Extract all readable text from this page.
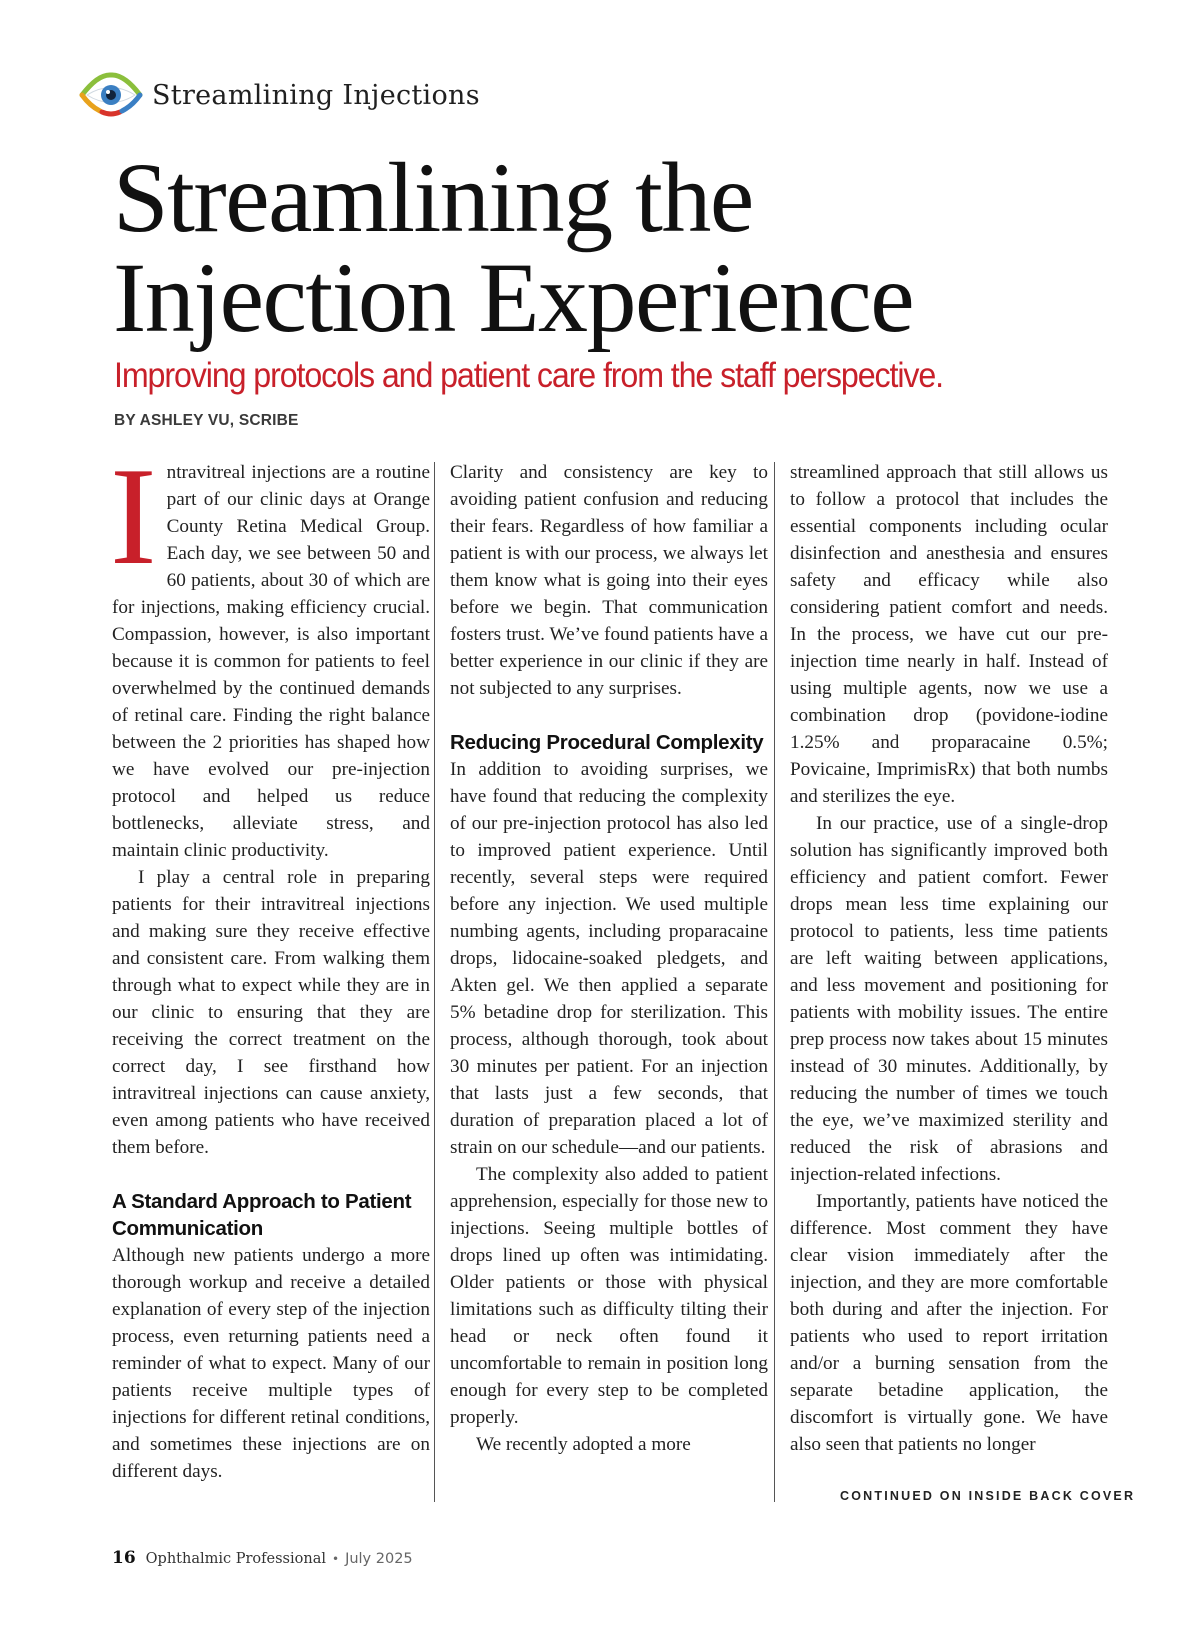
Streamlining Injections
Streamlining the
Injection Experience

Improving protocols and patient care from the staff perspective.

BY ASHLEY VU, SCRIBE

Intravitreal injections are a routine part of our clinic days at Orange County Retina Medical Group. Each day, we see between 50 and 60 patients, about 30 of which are for injections, making efficiency crucial. Compassion, however, is also important because it is common for patients to feel overwhelmed by the continued demands of retinal care. Finding the right balance between the 2 priorities has shaped how we have evolved our pre-injection protocol and helped us reduce bottlenecks, alleviate stress, and maintain clinic productivity.

I play a central role in preparing patients for their intravitreal injections and making sure they receive effective and consistent care. From walking them through what to expect while they are in our clinic to ensuring that they are receiving the correct treatment on the correct day, I see firsthand how intravitreal injections can cause anxiety, even among patients who have received them before.

A Standard Approach to Patient Communication

Although new patients undergo a more thorough workup and receive a detailed explanation of every step of the injection process, even returning patients need a reminder of what to expect. Many of our patients receive multiple types of injections for different retinal conditions, and sometimes these injections are on different days.

Clarity and consistency are key to avoiding patient confusion and reducing their fears. Regardless of how familiar a patient is with our process, we always let them know what is going into their eyes before we begin. That communication fosters trust. We’ve found patients have a better experience in our clinic if they are not subjected to any surprises.

Reducing Procedural Complexity

In addition to avoiding surprises, we have found that reducing the complexity of our pre-injection protocol has also led to improved patient experience. Until recently, several steps were required before any injection. We used multiple numbing agents, including proparacaine drops, lidocaine-soaked pledgets, and Akten gel. We then applied a separate 5% betadine drop for sterilization. This process, although thorough, took about 30 minutes per patient. For an injection that lasts just a few seconds, that duration of preparation placed a lot of strain on our schedule—and our patients.

The complexity also added to patient apprehension, especially for those new to injections. Seeing multiple bottles of drops lined up often was intimidating. Older patients or those with physical limitations such as difficulty tilting their head or neck often found it uncomfortable to remain in position long enough for every step to be completed properly.

We recently adopted a more

streamlined approach that still allows us to follow a protocol that includes the essential components including ocular disinfection and anesthesia and ensures safety and efficacy while also considering patient comfort and needs. In the process, we have cut our pre-injection time nearly in half. Instead of using multiple agents, now we use a combination drop (povidone-iodine 1.25% and proparacaine 0.5%; Povicaine, ImprimisRx) that both numbs and sterilizes the eye.

In our practice, use of a single-drop solution has significantly improved both efficiency and patient comfort. Fewer drops mean less time explaining our protocol to patients, less time patients are left waiting between applications, and less movement and positioning for patients with mobility issues. The entire prep process now takes about 15 minutes instead of 30 minutes. Additionally, by reducing the number of times we touch the eye, we’ve maximized sterility and reduced the risk of abrasions and injection-related infections.

Importantly, patients have noticed the difference. Most comment they have clear vision immediately after the injection, and they are more comfortable both during and after the injection. For patients who used to report irritation and/or a burning sensation from the separate betadine application, the discomfort is virtually gone. We have also seen that patients no longer

CONTINUED ON INSIDE BACK COVER
16 Ophthalmic Professional • July 2025
